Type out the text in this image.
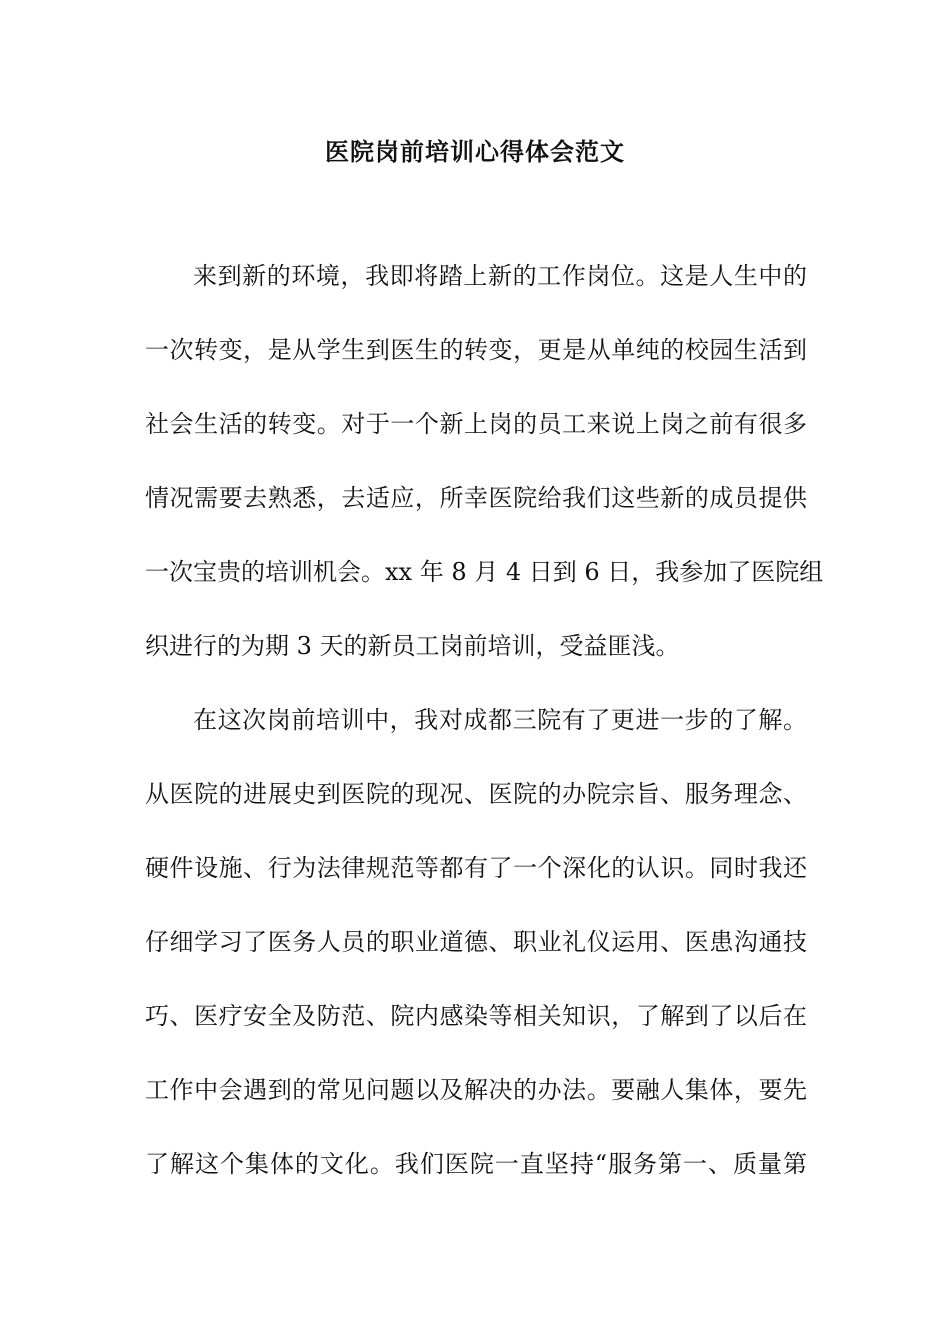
医院岗前培训心得体会范文
来到新的环境，我即将踏上新的工作岗位。这是人生中的
一次转变，是从学生到医生的转变，更是从单纯的校园生活到
社会生活的转变。对于一个新上岗的员工来说上岗之前有很多
情况需要去熟悉，去适应，所幸医院给我们这些新的成员提供
一次宝贵的培训机会。xx 年 8 月 4 日到 6 日，我参加了医院组
织进行的为期 3 天的新员工岗前培训，受益匪浅。
在这次岗前培训中，我对成都三院有了更进一步的了解。
从医院的进展史到医院的现况、医院的办院宗旨、服务理念、
硬件设施、行为法律规范等都有了一个深化的认识。同时我还
仔细学习了医务人员的职业道德、职业礼仪运用、医患沟通技
巧、医疗安全及防范、院内感染等相关知识，了解到了以后在
工作中会遇到的常见问题以及解决的办法。要融人集体，要先
了解这个集体的文化。我们医院一直坚持“服务第一、质量第
